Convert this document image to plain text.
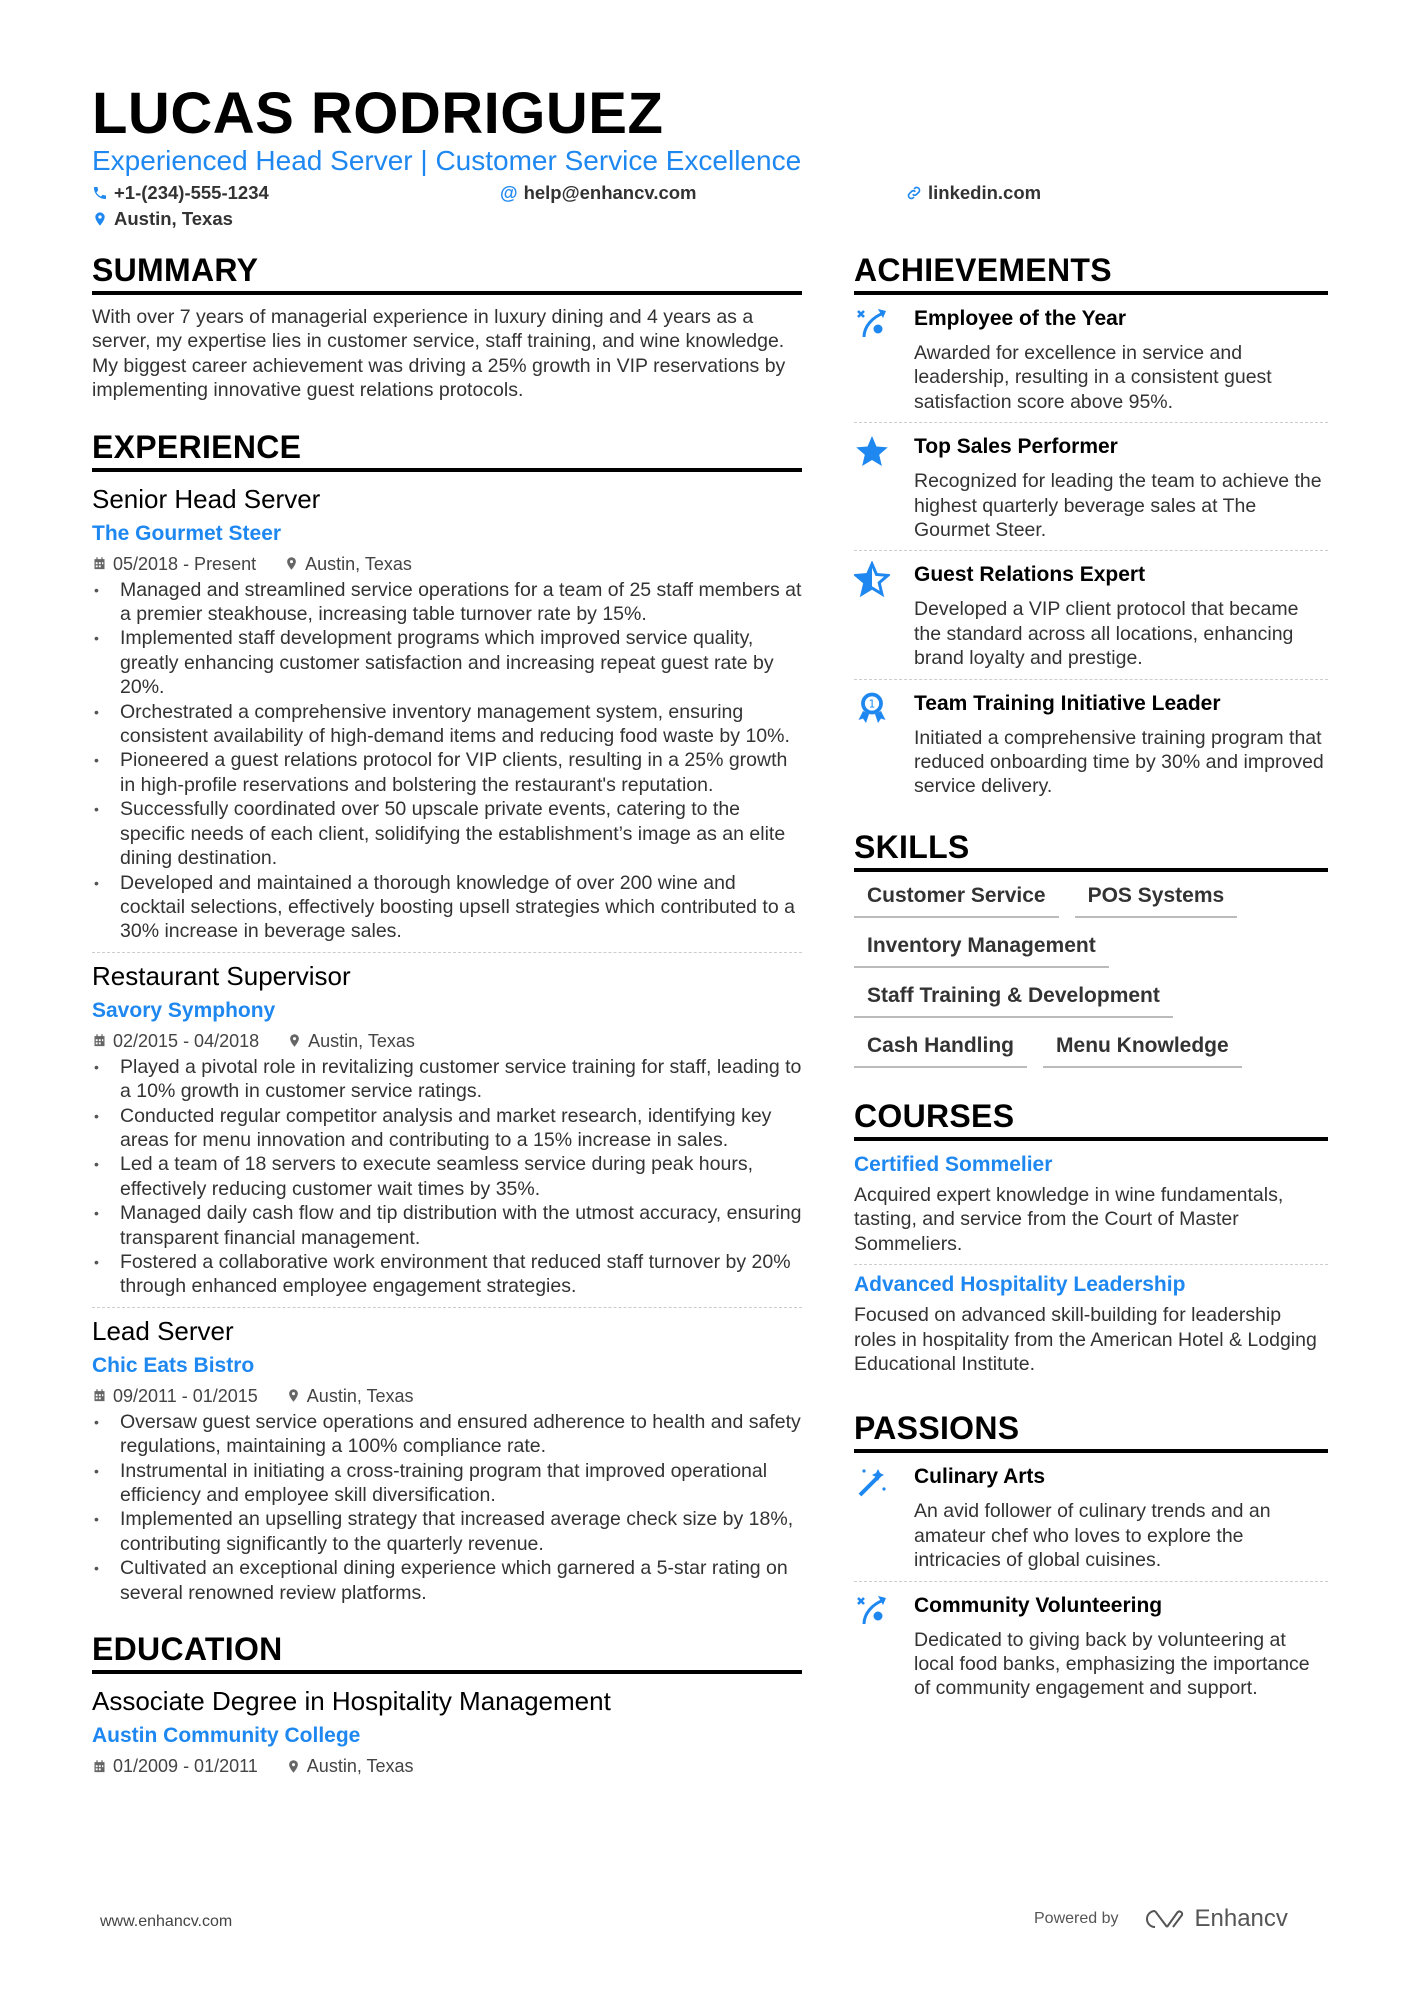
LUCAS RODRIGUEZ
Experienced Head Server | Customer Service Excellence
+1-(234)-555-1234	@ help@enhancv.com	linkedin.com
Austin, Texas
SUMMARY
With over 7 years of managerial experience in luxury dining and 4 years as a server, my expertise lies in customer service, staff training, and wine knowledge. My biggest career achievement was driving a 25% growth in VIP reservations by implementing innovative guest relations protocols.
EXPERIENCE
Senior Head Server
The Gourmet Steer
05/2018 - Present	Austin, Texas
• Managed and streamlined service operations for a team of 25 staff members at a premier steakhouse, increasing table turnover rate by 15%.
• Implemented staff development programs which improved service quality, greatly enhancing customer satisfaction and increasing repeat guest rate by 20%.
• Orchestrated a comprehensive inventory management system, ensuring consistent availability of high-demand items and reducing food waste by 10%.
• Pioneered a guest relations protocol for VIP clients, resulting in a 25% growth in high-profile reservations and bolstering the restaurant's reputation.
• Successfully coordinated over 50 upscale private events, catering to the specific needs of each client, solidifying the establishment’s image as an elite dining destination.
• Developed and maintained a thorough knowledge of over 200 wine and cocktail selections, effectively boosting upsell strategies which contributed to a 30% increase in beverage sales.
Restaurant Supervisor
Savory Symphony
02/2015 - 04/2018	Austin, Texas
• Played a pivotal role in revitalizing customer service training for staff, leading to a 10% growth in customer service ratings.
• Conducted regular competitor analysis and market research, identifying key areas for menu innovation and contributing to a 15% increase in sales.
• Led a team of 18 servers to execute seamless service during peak hours, effectively reducing customer wait times by 35%.
• Managed daily cash flow and tip distribution with the utmost accuracy, ensuring transparent financial management.
• Fostered a collaborative work environment that reduced staff turnover by 20% through enhanced employee engagement strategies.
Lead Server
Chic Eats Bistro
09/2011 - 01/2015	Austin, Texas
• Oversaw guest service operations and ensured adherence to health and safety regulations, maintaining a 100% compliance rate.
• Instrumental in initiating a cross-training program that improved operational efficiency and employee skill diversification.
• Implemented an upselling strategy that increased average check size by 18%, contributing significantly to the quarterly revenue.
• Cultivated an exceptional dining experience which garnered a 5-star rating on several renowned review platforms.
EDUCATION
Associate Degree in Hospitality Management
Austin Community College
01/2009 - 01/2011	Austin, Texas
ACHIEVEMENTS
Employee of the Year
Awarded for excellence in service and leadership, resulting in a consistent guest satisfaction score above 95%.
Top Sales Performer
Recognized for leading the team to achieve the highest quarterly beverage sales at The Gourmet Steer.
Guest Relations Expert
Developed a VIP client protocol that became the standard across all locations, enhancing brand loyalty and prestige.
1 Team Training Initiative Leader
Initiated a comprehensive training program that reduced onboarding time by 30% and improved service delivery.
SKILLS
Customer Service	POS Systems
Inventory Management
Staff Training & Development
Cash Handling	Menu Knowledge
COURSES
Certified Sommelier
Acquired expert knowledge in wine fundamentals, tasting, and service from the Court of Master Sommeliers.
Advanced Hospitality Leadership
Focused on advanced skill-building for leadership roles in hospitality from the American Hotel & Lodging Educational Institute.
PASSIONS
Culinary Arts
An avid follower of culinary trends and an amateur chef who loves to explore the intricacies of global cuisines.
Community Volunteering
Dedicated to giving back by volunteering at local food banks, emphasizing the importance of community engagement and support.
www.enhancv.com	Powered by	Enhancv
